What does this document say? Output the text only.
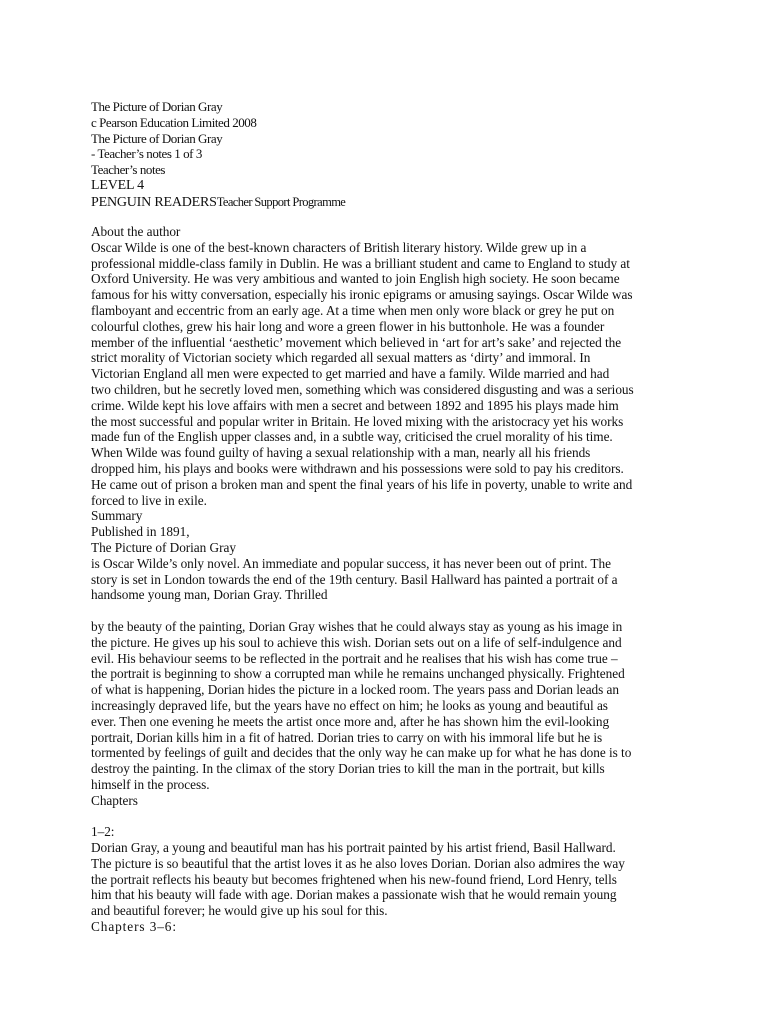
The Picture of Dorian Gray
c Pearson Education Limited 2008
The Picture of Dorian Gray
- Teacher’s notes 1 of 3
Teacher’s notes
LEVEL 4
PENGUIN READERSTeacher Support Programme
About the author
Oscar Wilde is one of the best-known characters of British literary history. Wilde grew up in a
professional middle-class family in Dublin. He was a brilliant student and came to England to study at
Oxford University. He was very ambitious and wanted to join English high society. He soon became
famous for his witty conversation, especially his ironic epigrams or amusing sayings. Oscar Wilde was
flamboyant and eccentric from an early age. At a time when men only wore black or grey he put on
colourful clothes, grew his hair long and wore a green flower in his buttonhole. He was a founder
member of the influential ‘aesthetic’ movement which believed in ‘art for art’s sake’ and rejected the
strict morality of Victorian society which regarded all sexual matters as ‘dirty’ and immoral. In
Victorian England all men were expected to get married and have a family. Wilde married and had
two children, but he secretly loved men, something which was considered disgusting and was a serious
crime. Wilde kept his love affairs with men a secret and between 1892 and 1895 his plays made him
the most successful and popular writer in Britain. He loved mixing with the aristocracy yet his works
made fun of the English upper classes and, in a subtle way, criticised the cruel morality of his time.
When Wilde was found guilty of having a sexual relationship with a man, nearly all his friends
dropped him, his plays and books were withdrawn and his possessions were sold to pay his creditors.
He came out of prison a broken man and spent the final years of his life in poverty, unable to write and
forced to live in exile.
Summary
Published in 1891,
The Picture of Dorian Gray
is Oscar Wilde’s only novel. An immediate and popular success, it has never been out of print. The
story is set in London towards the end of the 19th century. Basil Hallward has painted a portrait of a
handsome young man, Dorian Gray. Thrilled
by the beauty of the painting, Dorian Gray wishes that he could always stay as young as his image in
the picture. He gives up his soul to achieve this wish. Dorian sets out on a life of self-indulgence and
evil. His behaviour seems to be reflected in the portrait and he realises that his wish has come true –
the portrait is beginning to show a corrupted man while he remains unchanged physically. Frightened
of what is happening, Dorian hides the picture in a locked room. The years pass and Dorian leads an
increasingly depraved life, but the years have no effect on him; he looks as young and beautiful as
ever. Then one evening he meets the artist once more and, after he has shown him the evil-looking
portrait, Dorian kills him in a fit of hatred. Dorian tries to carry on with his immoral life but he is
tormented by feelings of guilt and decides that the only way he can make up for what he has done is to
destroy the painting. In the climax of the story Dorian tries to kill the man in the portrait, but kills
himself in the process.
Chapters
1–2:
Dorian Gray, a young and beautiful man has his portrait painted by his artist friend, Basil Hallward.
The picture is so beautiful that the artist loves it as he also loves Dorian. Dorian also admires the way
the portrait reflects his beauty but becomes frightened when his new-found friend, Lord Henry, tells
him that his beauty will fade with age. Dorian makes a passionate wish that he would remain young
and beautiful forever; he would give up his soul for this.
Chapters 3–6:
